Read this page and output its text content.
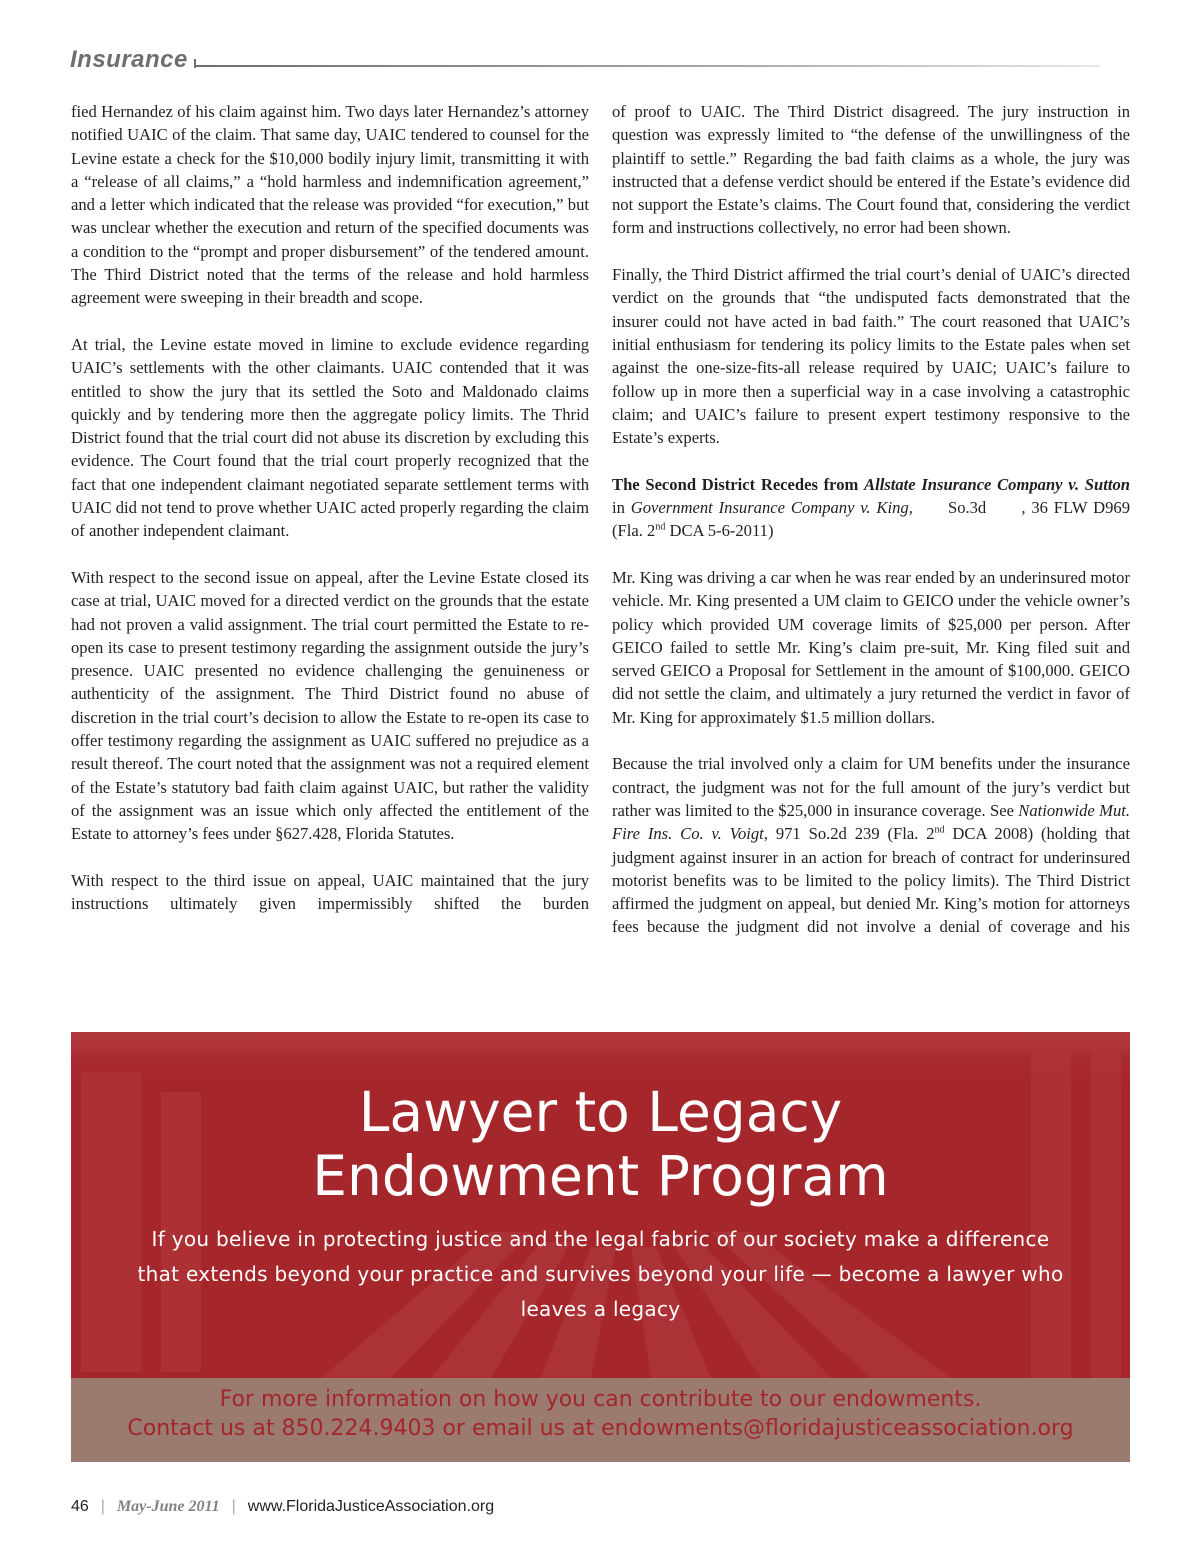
Insurance

fied Hernandez of his claim against him. Two days later Hernandez’s attorney notified UAIC of the claim. That same day, UAIC tendered to counsel for the Levine estate a check for the $10,000 bodily injury limit, transmitting it with a “release of all claims,” a “hold harmless and indemnification agreement,” and a letter which indicated that the release was provided “for execution,” but was unclear whether the execution and return of the specified documents was a condition to the “prompt and proper disbursement” of the tendered amount. The Third District noted that the terms of the release and hold harmless agreement were sweeping in their breadth and scope.

At trial, the Levine estate moved in limine to exclude evidence regarding UAIC’s settlements with the other claimants. UAIC contended that it was entitled to show the jury that its settled the Soto and Maldonado claims quickly and by tendering more then the aggregate policy limits. The Thrid District found that the trial court did not abuse its discretion by excluding this evidence. The Court found that the trial court properly recognized that the fact that one independent claimant negotiated separate settlement terms with UAIC did not tend to prove whether UAIC acted properly regarding the claim of another independent claimant.

With respect to the second issue on appeal, after the Levine Estate closed its case at trial, UAIC moved for a directed verdict on the grounds that the estate had not proven a valid assignment. The trial court permitted the Estate to re-open its case to present testimony regarding the assignment outside the jury’s presence. UAIC presented no evidence challenging the genuineness or authenticity of the assignment. The Third District found no abuse of discretion in the trial court’s decision to allow the Estate to re-open its case to offer testimony regarding the assignment as UAIC suffered no prejudice as a result thereof. The court noted that the assignment was not a required element of the Estate’s statutory bad faith claim against UAIC, but rather the validity of the assignment was an issue which only affected the entitlement of the Estate to attorney’s fees under §627.428, Florida Statutes.

With respect to the third issue on appeal, UAIC maintained that the jury instructions ultimately given impermissibly shifted the burden

of proof to UAIC. The Third District disagreed. The jury instruction in question was expressly limited to “the defense of the unwillingness of the plaintiff to settle.” Regarding the bad faith claims as a whole, the jury was instructed that a defense verdict should be entered if the Estate’s evidence did not support the Estate’s claims. The Court found that, considering the verdict form and instructions collectively, no error had been shown.

Finally, the Third District affirmed the trial court’s denial of UAIC’s directed verdict on the grounds that “the undisputed facts demonstrated that the insurer could not have acted in bad faith.” The court reasoned that UAIC’s initial enthusiasm for tendering its policy limits to the Estate pales when set against the one-size-fits-all release required by UAIC; UAIC’s failure to follow up in more then a superficial way in a case involving a catastrophic claim; and UAIC’s failure to present expert testimony responsive to the Estate’s experts.

The Second District Recedes from Allstate Insurance Company v. Sutton in Government Insurance Company v. King,      So.3d      , 36 FLW D969 (Fla. 2nd DCA 5-6-2011)

Mr. King was driving a car when he was rear ended by an underinsured motor vehicle. Mr. King presented a UM claim to GEICO under the vehicle owner’s policy which provided UM coverage limits of $25,000 per person. After GEICO failed to settle Mr. King’s claim pre-suit, Mr. King filed suit and served GEICO a Proposal for Settlement in the amount of $100,000. GEICO did not settle the claim, and ultimately a jury returned the verdict in favor of Mr. King for approximately $1.5 million dollars.

Because the trial involved only a claim for UM benefits under the insurance contract, the judgment was not for the full amount of the jury’s verdict but rather was limited to the $25,000 in insurance coverage. See Nationwide Mut. Fire Ins. Co. v. Voigt, 971 So.2d 239 (Fla. 2nd DCA 2008) (holding that judgment against insurer in an action for breach of contract for underinsured motorist benefits was to be limited to the policy limits). The Third District affirmed the judgment on appeal, but denied Mr. King’s motion for attorneys fees because the judgment did not involve a denial of coverage and his

Lawyer to Legacy
Endowment Program
If you believe in protecting justice and the legal fabric of our society make a difference that extends beyond your practice and survives beyond your life — become a lawyer who leaves a legacy
For more information on how you can contribute to our endowments.
Contact us at 850.224.9403 or email us at endowments@floridajusticeassociation.org
46 | May-June 2011 | www.FloridaJusticeAssociation.org
